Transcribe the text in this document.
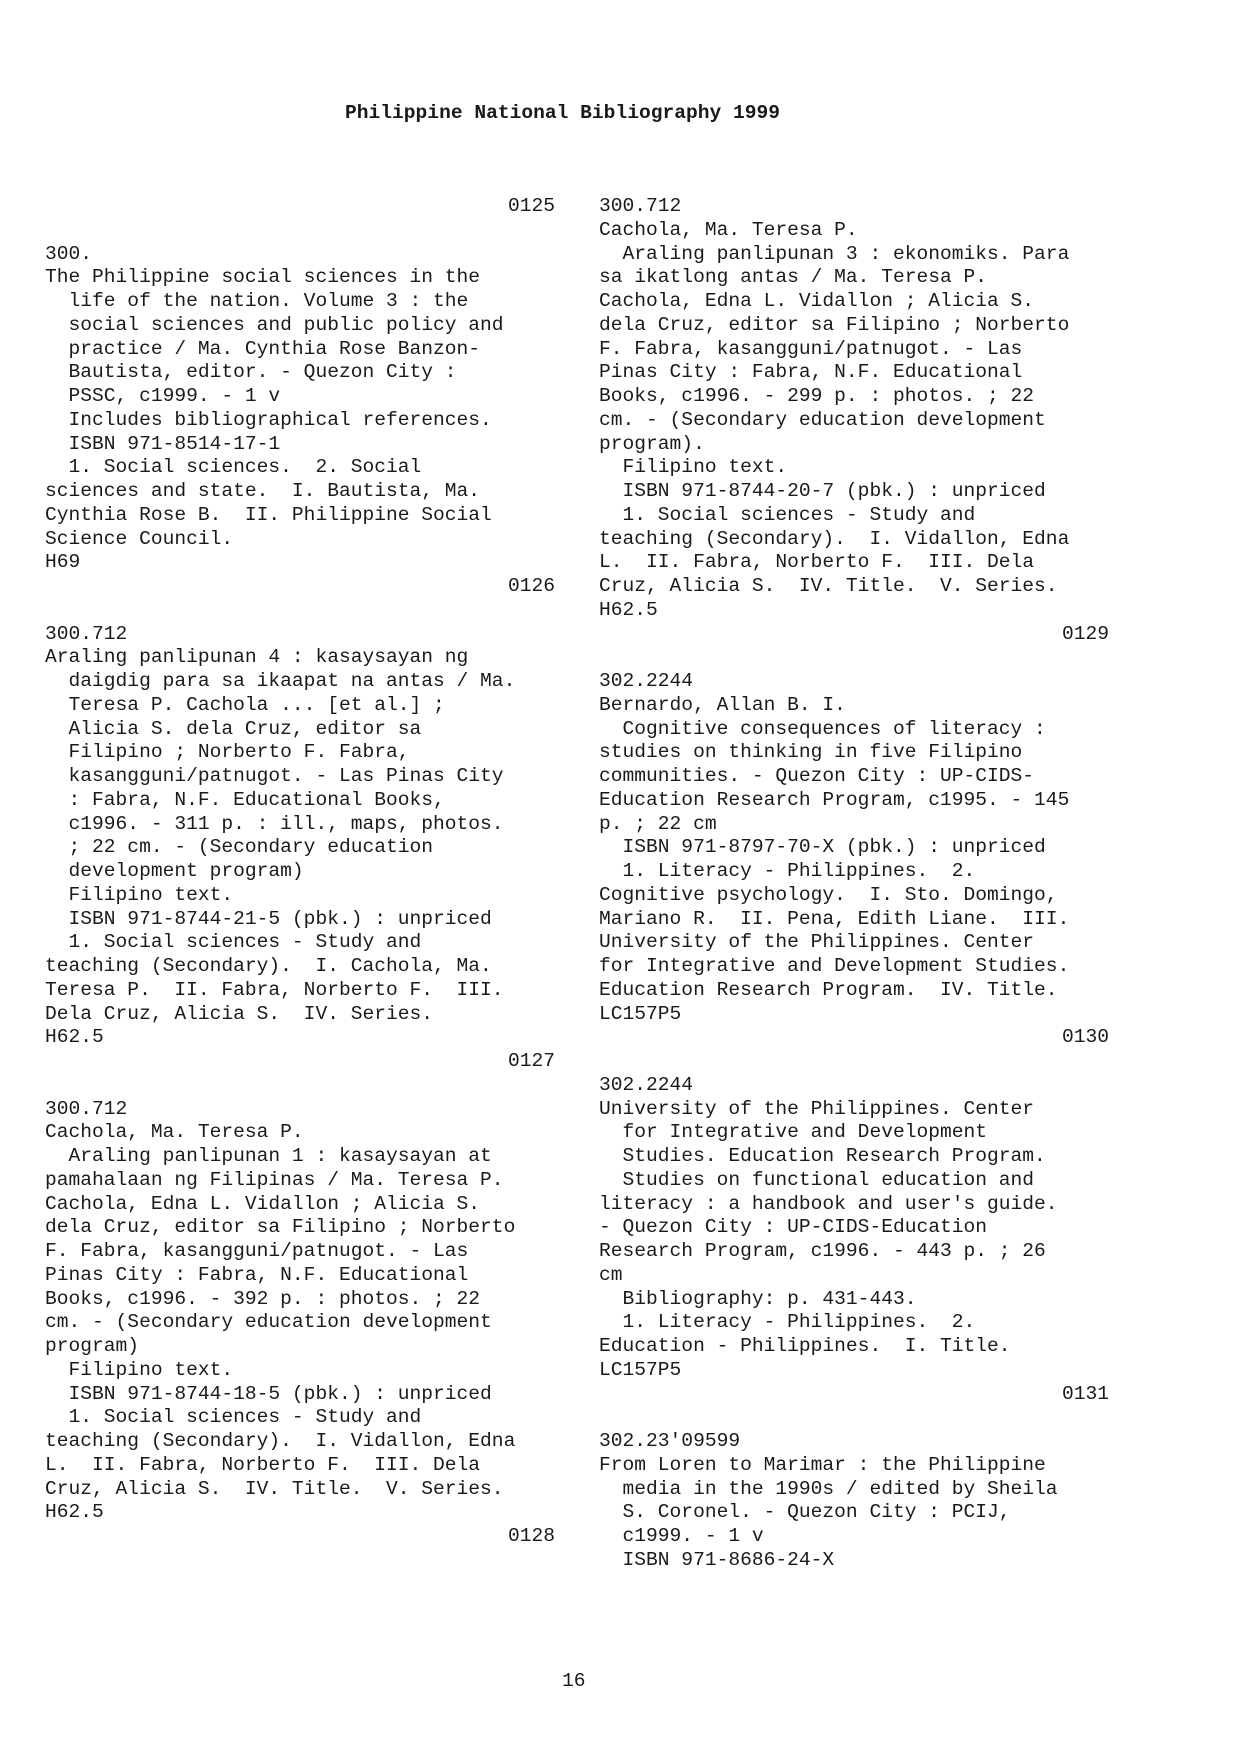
Philippine National Bibliography 1999
0125
300.
The Philippine social sciences in the
life of the nation. Volume 3 : the
social sciences and public policy and
practice / Ma. Cynthia Rose Banzon-
Bautista, editor. - Quezon City :
PSSC, c1999. - 1 v
Includes bibliographical references.
ISBN 971-8514-17-1
1. Social sciences.  2. Social
sciences and state.  I. Bautista, Ma.
Cynthia Rose B.  II. Philippine Social
Science Council.
H69
0126
300.712
Araling panlipunan 4 : kasaysayan ng
daigdig para sa ikaapat na antas / Ma.
Teresa P. Cachola ... [et al.] ;
Alicia S. dela Cruz, editor sa
Filipino ; Norberto F. Fabra,
kasangguni/patnugot. - Las Pinas City
: Fabra, N.F. Educational Books,
c1996. - 311 p. : ill., maps, photos.
; 22 cm. - (Secondary education
development program)
Filipino text.
ISBN 971-8744-21-5 (pbk.) : unpriced
1. Social sciences - Study and
teaching (Secondary).  I. Cachola, Ma.
Teresa P.  II. Fabra, Norberto F.  III.
Dela Cruz, Alicia S.  IV. Series.
H62.5
0127
300.712
Cachola, Ma. Teresa P.
Araling panlipunan 1 : kasaysayan at
pamahalaan ng Filipinas / Ma. Teresa P.
Cachola, Edna L. Vidallon ; Alicia S.
dela Cruz, editor sa Filipino ; Norberto
F. Fabra, kasangguni/patnugot. - Las
Pinas City : Fabra, N.F. Educational
Books, c1996. - 392 p. : photos. ; 22
cm. - (Secondary education development
program)
Filipino text.
ISBN 971-8744-18-5 (pbk.) : unpriced
1. Social sciences - Study and
teaching (Secondary).  I. Vidallon, Edna
L.  II. Fabra, Norberto F.  III. Dela
Cruz, Alicia S.  IV. Title.  V. Series.
H62.5
0128
300.712
Cachola, Ma. Teresa P.
Araling panlipunan 3 : ekonomiks. Para
sa ikatlong antas / Ma. Teresa P.
Cachola, Edna L. Vidallon ; Alicia S.
dela Cruz, editor sa Filipino ; Norberto
F. Fabra, kasangguni/patnugot. - Las
Pinas City : Fabra, N.F. Educational
Books, c1996. - 299 p. : photos. ; 22
cm. - (Secondary education development
program).
Filipino text.
ISBN 971-8744-20-7 (pbk.) : unpriced
1. Social sciences - Study and
teaching (Secondary).  I. Vidallon, Edna
L.  II. Fabra, Norberto F.  III. Dela
Cruz, Alicia S.  IV. Title.  V. Series.
H62.5
0129
302.2244
Bernardo, Allan B. I.
Cognitive consequences of literacy :
studies on thinking in five Filipino
communities. - Quezon City : UP-CIDS-
Education Research Program, c1995. - 145
p. ; 22 cm
ISBN 971-8797-70-X (pbk.) : unpriced
1. Literacy - Philippines.  2.
Cognitive psychology.  I. Sto. Domingo,
Mariano R.  II. Pena, Edith Liane.  III.
University of the Philippines. Center
for Integrative and Development Studies.
Education Research Program.  IV. Title.
LC157P5
0130
302.2244
University of the Philippines. Center
for Integrative and Development
Studies. Education Research Program.
Studies on functional education and
literacy : a handbook and user's guide.
- Quezon City : UP-CIDS-Education
Research Program, c1996. - 443 p. ; 26
cm
Bibliography: p. 431-443.
1. Literacy - Philippines.  2.
Education - Philippines.  I. Title.
LC157P5
0131
302.23'09599
From Loren to Marimar : the Philippine
media in the 1990s / edited by Sheila
S. Coronel. - Quezon City : PCIJ,
c1999. - 1 v
ISBN 971-8686-24-X
16
